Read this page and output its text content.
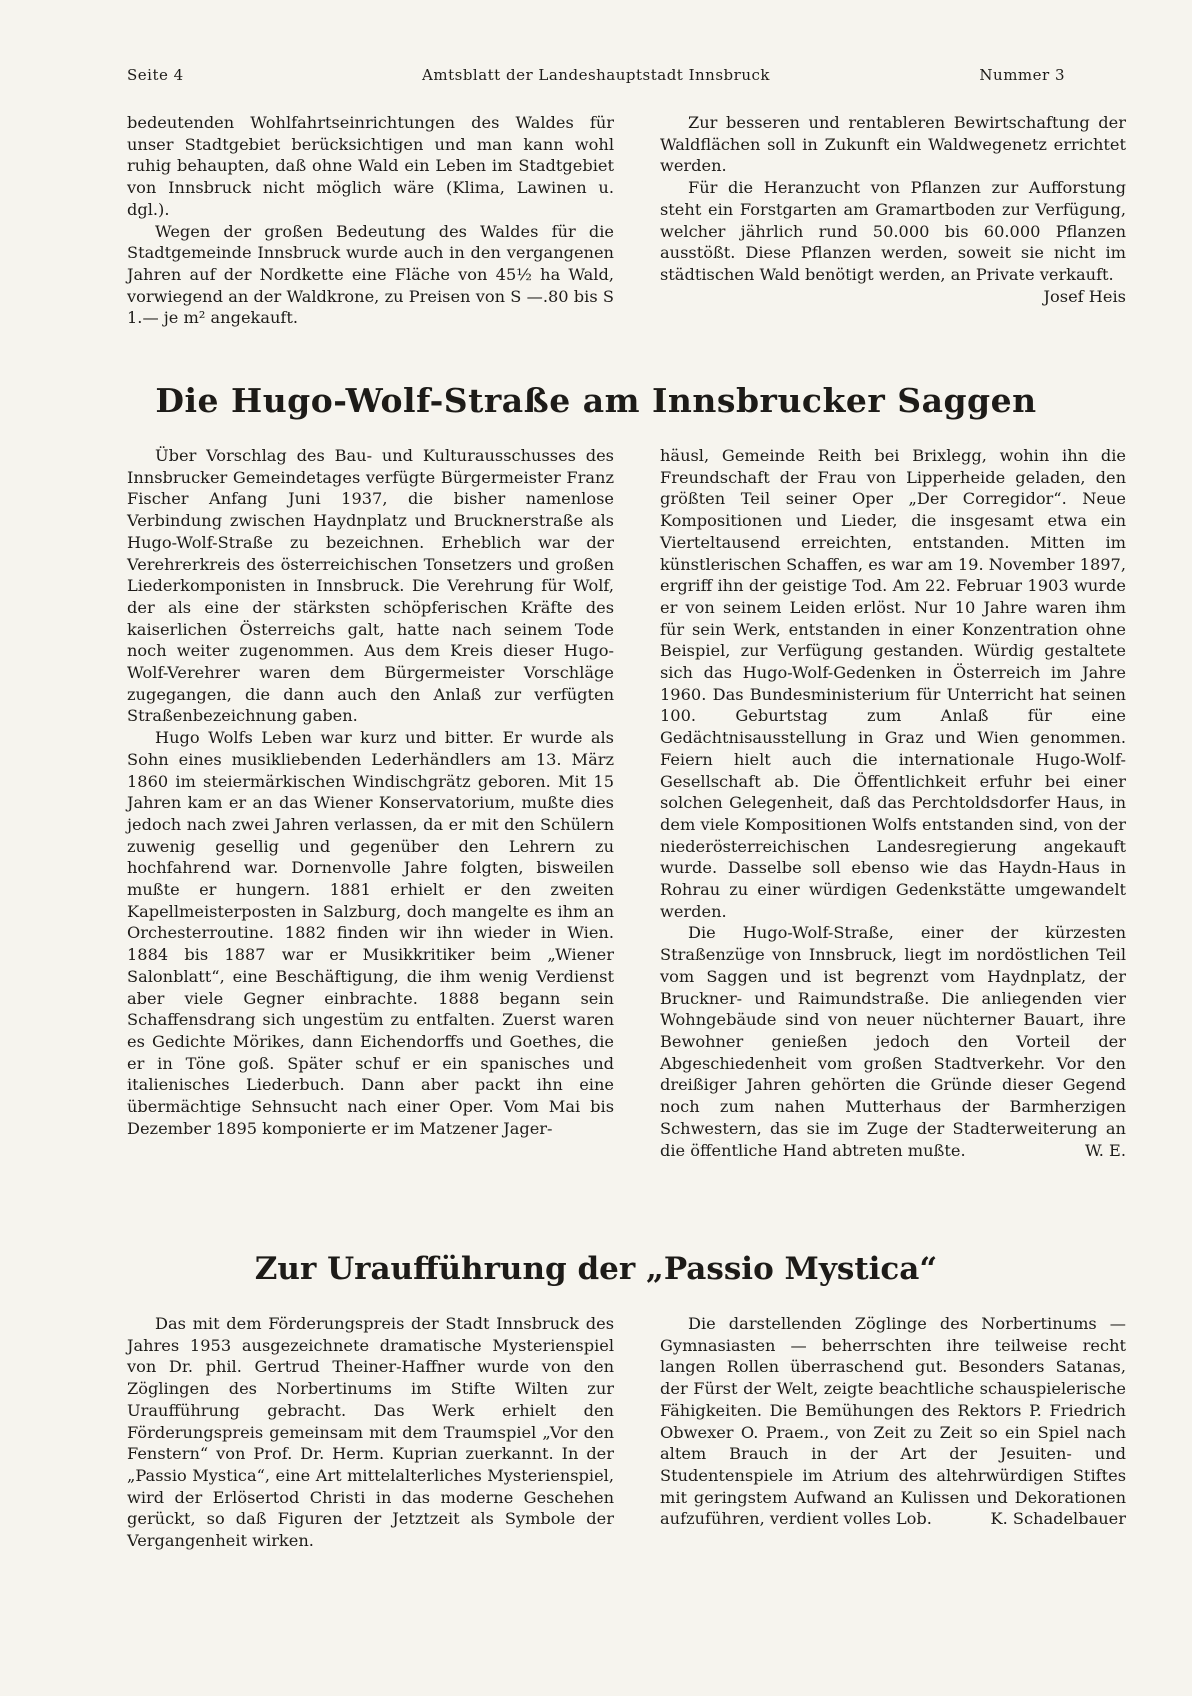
Seite 4	Amtsblatt der Landeshauptstadt Innsbruck	Nummer 3

bedeutenden Wohlfahrtseinrichtungen des Waldes für unser Stadtgebiet berücksichtigen und man kann wohl ruhig behaupten, daß ohne Wald ein Leben im Stadtgebiet von Innsbruck nicht möglich wäre (Klima, Lawinen u. dgl.).

Wegen der großen Bedeutung des Waldes für die Stadtgemeinde Innsbruck wurde auch in den vergangenen Jahren auf der Nordkette eine Fläche von 45½ ha Wald, vorwiegend an der Waldkrone, zu Preisen von S —.80 bis S 1.— je m² angekauft.

Zur besseren und rentableren Bewirtschaftung der Waldflächen soll in Zukunft ein Waldwegenetz errichtet werden.

Für die Heranzucht von Pflanzen zur Aufforstung steht ein Forstgarten am Gramartboden zur Verfügung, welcher jährlich rund 50.000 bis 60.000 Pflanzen ausstößt. Diese Pflanzen werden, soweit sie nicht im städtischen Wald benötigt werden, an Private verkauft.
Josef Heis

Die Hugo-Wolf-Straße am Innsbrucker Saggen

Über Vorschlag des Bau- und Kulturausschusses des Innsbrucker Gemeindetages verfügte Bürgermeister Franz Fischer Anfang Juni 1937, die bisher namenlose Verbindung zwischen Haydnplatz und Brucknerstraße als Hugo-Wolf-Straße zu bezeichnen. Erheblich war der Verehrerkreis des österreichischen Tonsetzers und großen Liederkomponisten in Innsbruck. Die Verehrung für Wolf, der als eine der stärksten schöpferischen Kräfte des kaiserlichen Österreichs galt, hatte nach seinem Tode noch weiter zugenommen. Aus dem Kreis dieser Hugo-Wolf-Verehrer waren dem Bürgermeister Vorschläge zugegangen, die dann auch den Anlaß zur verfügten Straßenbezeichnung gaben.

Hugo Wolfs Leben war kurz und bitter. Er wurde als Sohn eines musikliebenden Lederhändlers am 13. März 1860 im steiermärkischen Windischgrätz geboren. Mit 15 Jahren kam er an das Wiener Konservatorium, mußte dies jedoch nach zwei Jahren verlassen, da er mit den Schülern zuwenig gesellig und gegenüber den Lehrern zu hochfahrend war. Dornenvolle Jahre folgten, bisweilen mußte er hungern. 1881 erhielt er den zweiten Kapellmeisterposten in Salzburg, doch mangelte es ihm an Orchesterroutine. 1882 finden wir ihn wieder in Wien. 1884 bis 1887 war er Musikkritiker beim „Wiener Salonblatt“, eine Beschäftigung, die ihm wenig Verdienst aber viele Gegner einbrachte. 1888 begann sein Schaffensdrang sich ungestüm zu entfalten. Zuerst waren es Gedichte Mörikes, dann Eichendorffs und Goethes, die er in Töne goß. Später schuf er ein spanisches und italienisches Liederbuch. Dann aber packt ihn eine übermächtige Sehnsucht nach einer Oper. Vom Mai bis Dezember 1895 komponierte er im Matzener Jager-

häusl, Gemeinde Reith bei Brixlegg, wohin ihn die Freundschaft der Frau von Lipperheide geladen, den größten Teil seiner Oper „Der Corregidor“. Neue Kompositionen und Lieder, die insgesamt etwa ein Vierteltausend erreichten, entstanden. Mitten im künstlerischen Schaffen, es war am 19. November 1897, ergriff ihn der geistige Tod. Am 22. Februar 1903 wurde er von seinem Leiden erlöst. Nur 10 Jahre waren ihm für sein Werk, entstanden in einer Konzentration ohne Beispiel, zur Verfügung gestanden. Würdig gestaltete sich das Hugo-Wolf-Gedenken in Österreich im Jahre 1960. Das Bundesministerium für Unterricht hat seinen 100. Geburtstag zum Anlaß für eine Gedächtnisausstellung in Graz und Wien genommen. Feiern hielt auch die internationale Hugo-Wolf-Gesellschaft ab. Die Öffentlichkeit erfuhr bei einer solchen Gelegenheit, daß das Perchtoldsdorfer Haus, in dem viele Kompositionen Wolfs entstanden sind, von der niederösterreichischen Landesregierung angekauft wurde. Dasselbe soll ebenso wie das Haydn-Haus in Rohrau zu einer würdigen Gedenkstätte umgewandelt werden.

Die Hugo-Wolf-Straße, einer der kürzesten Straßenzüge von Innsbruck, liegt im nordöstlichen Teil vom Saggen und ist begrenzt vom Haydnplatz, der Bruckner- und Raimundstraße. Die anliegenden vier Wohngebäude sind von neuer nüchterner Bauart, ihre Bewohner genießen jedoch den Vorteil der Abgeschiedenheit vom großen Stadtverkehr. Vor den dreißiger Jahren gehörten die Gründe dieser Gegend noch zum nahen Mutterhaus der Barmherzigen Schwestern, das sie im Zuge der Stadterweiterung an die öffentliche Hand abtreten mußte.	W. E.

Zur Uraufführung der „Passio Mystica“

Das mit dem Förderungspreis der Stadt Innsbruck des Jahres 1953 ausgezeichnete dramatische Mysterienspiel von Dr. phil. Gertrud Theiner-Haffner wurde von den Zöglingen des Norbertinums im Stifte Wilten zur Uraufführung gebracht. Das Werk erhielt den Förderungspreis gemeinsam mit dem Traumspiel „Vor den Fenstern“ von Prof. Dr. Herm. Kuprian zuerkannt. In der „Passio Mystica“, eine Art mittelalterliches Mysterienspiel, wird der Erlösertod Christi in das moderne Geschehen gerückt, so daß Figuren der Jetztzeit als Symbole der Vergangenheit wirken.

Die darstellenden Zöglinge des Norbertinums — Gymnasiasten — beherrschten ihre teilweise recht langen Rollen überraschend gut. Besonders Satanas, der Fürst der Welt, zeigte beachtliche schauspielerische Fähigkeiten. Die Bemühungen des Rektors P. Friedrich Obwexer O. Praem., von Zeit zu Zeit so ein Spiel nach altem Brauch in der Art der Jesuiten- und Studentenspiele im Atrium des altehrwürdigen Stiftes mit geringstem Aufwand an Kulissen und Dekorationen aufzuführen, verdient volles Lob.	K. Schadelbauer
